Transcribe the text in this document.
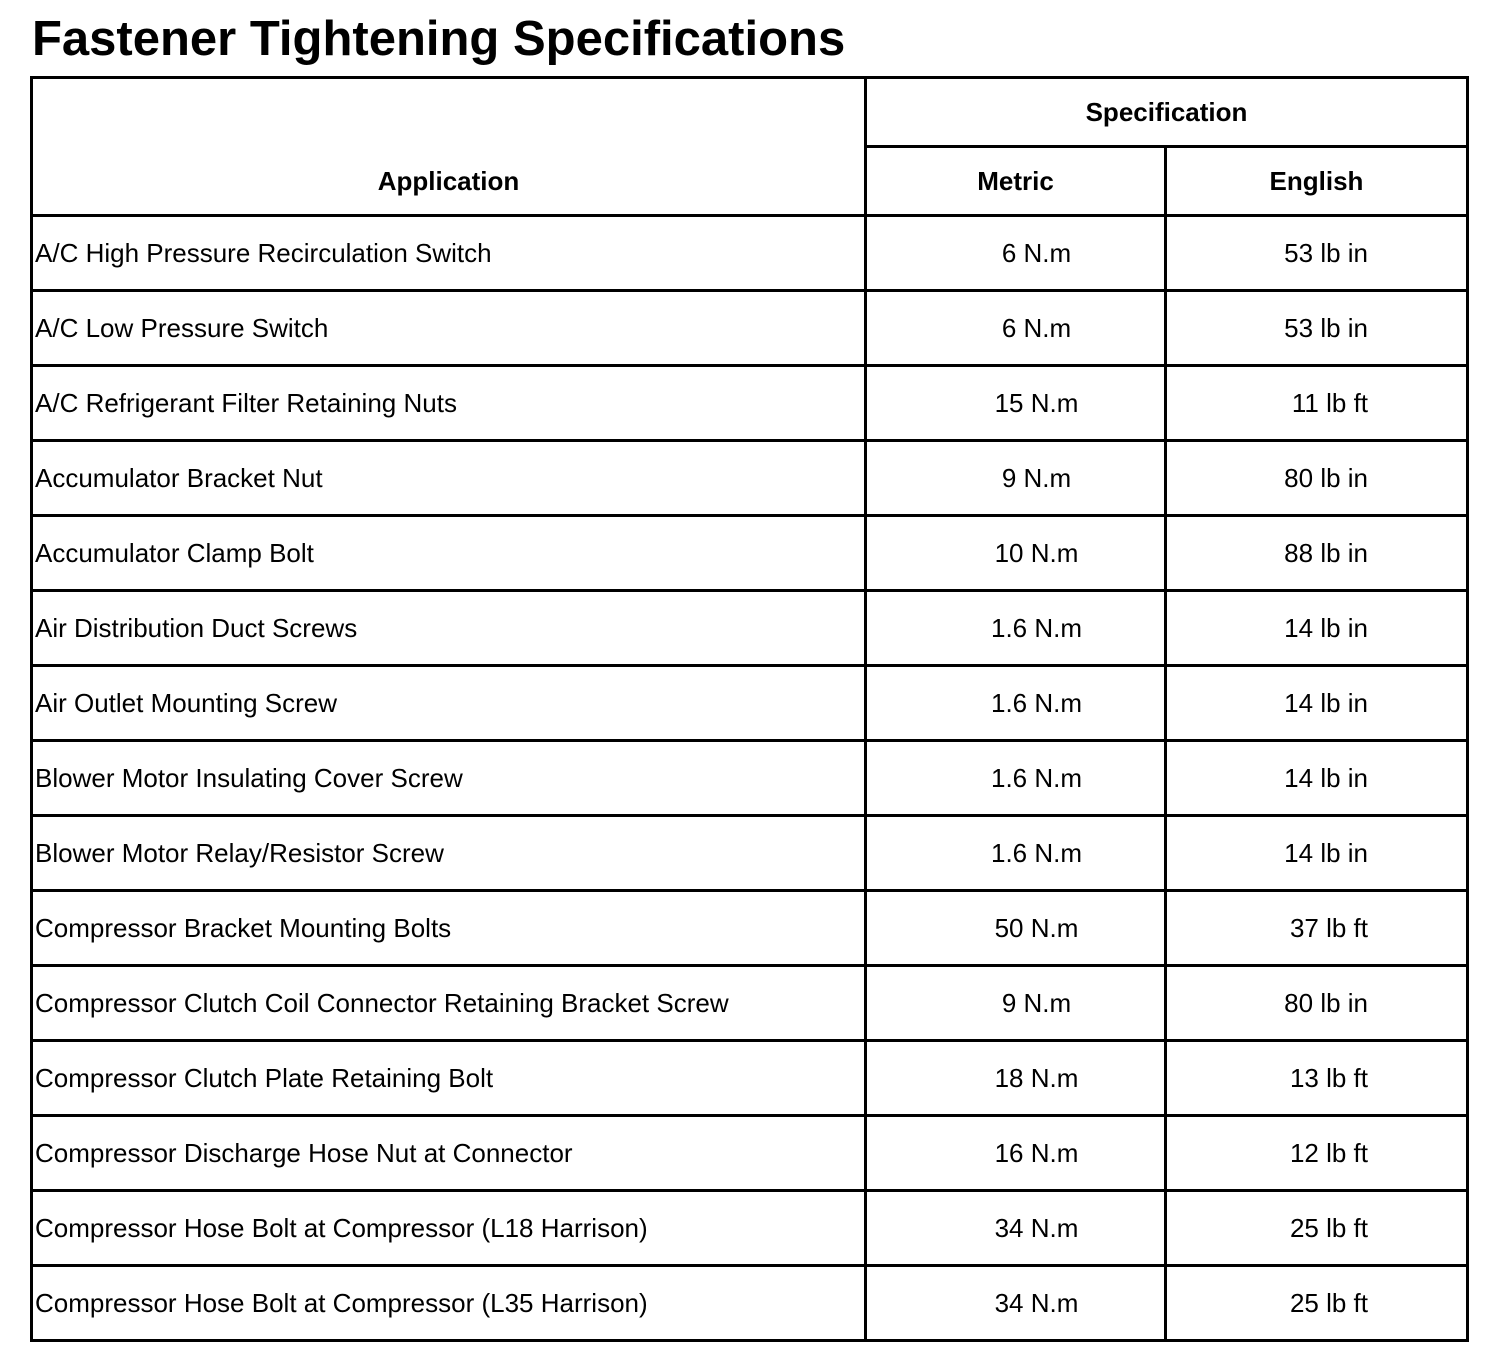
Fastener Tightening Specifications
Application	Specification	
	Metric	English
A/C High Pressure Recirculation Switch	6 N.m	53 lb in
A/C Low Pressure Switch	6 N.m	53 lb in
A/C Refrigerant Filter Retaining Nuts	15 N.m	11 lb ft
Accumulator Bracket Nut	9 N.m	80 lb in
Accumulator Clamp Bolt	10 N.m	88 lb in
Air Distribution Duct Screws	1.6 N.m	14 lb in
Air Outlet Mounting Screw	1.6 N.m	14 lb in
Blower Motor Insulating Cover Screw	1.6 N.m	14 lb in
Blower Motor Relay/Resistor Screw	1.6 N.m	14 lb in
Compressor Bracket Mounting Bolts	50 N.m	37 lb ft
Compressor Clutch Coil Connector Retaining Bracket Screw	9 N.m	80 lb in
Compressor Clutch Plate Retaining Bolt	18 N.m	13 lb ft
Compressor Discharge Hose Nut at Connector	16 N.m	12 lb ft
Compressor Hose Bolt at Compressor (L18 Harrison)	34 N.m	25 lb ft
Compressor Hose Bolt at Compressor (L35 Harrison)	34 N.m	25 lb ft
